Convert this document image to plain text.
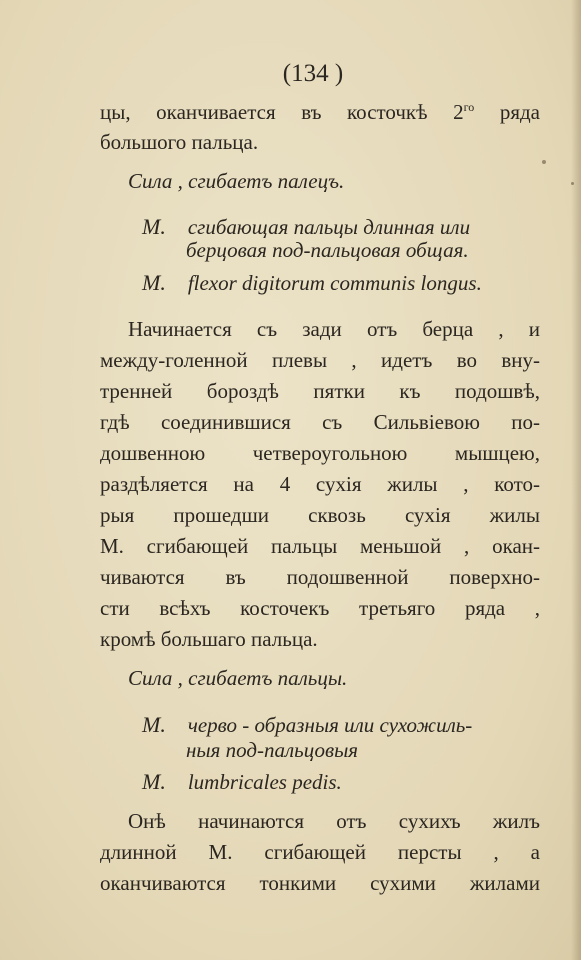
(134 )
цы, оканчивается въ косточкѣ $2^{го}$ ряда
большого пальца.
Сила , сгибаетъ палецъ.
М. сгибающая пальцы длинная или
берцовая под-пальцовая общая.
М. flexor digitorum communis longus.
Начинается съ зади отъ берца , и
между-голенной плевы , идетъ во вну-
тренней бороздѣ пятки къ подошвѣ,
гдѣ соединившися съ Сильвіевою по-
дошвенною четвероугольною мышцею,
раздѣляется на 4 сухія жилы , кото-
рыя прошедши сквозь сухія жилы
М. сгибающей пальцы меньшой , окан-
чиваются въ подошвенной поверхно-
сти всѣхъ косточекъ третьяго ряда ,
кромѣ большаго пальца.
Сила , сгибаетъ пальцы.
М. черво - образныя или сухожиль-
ныя под-пальцовыя
М. lumbricales pedis.
Онѣ начинаются отъ сухихъ жилъ
длинной М. сгибающей персты , а
оканчиваются тонкими сухими жилами
